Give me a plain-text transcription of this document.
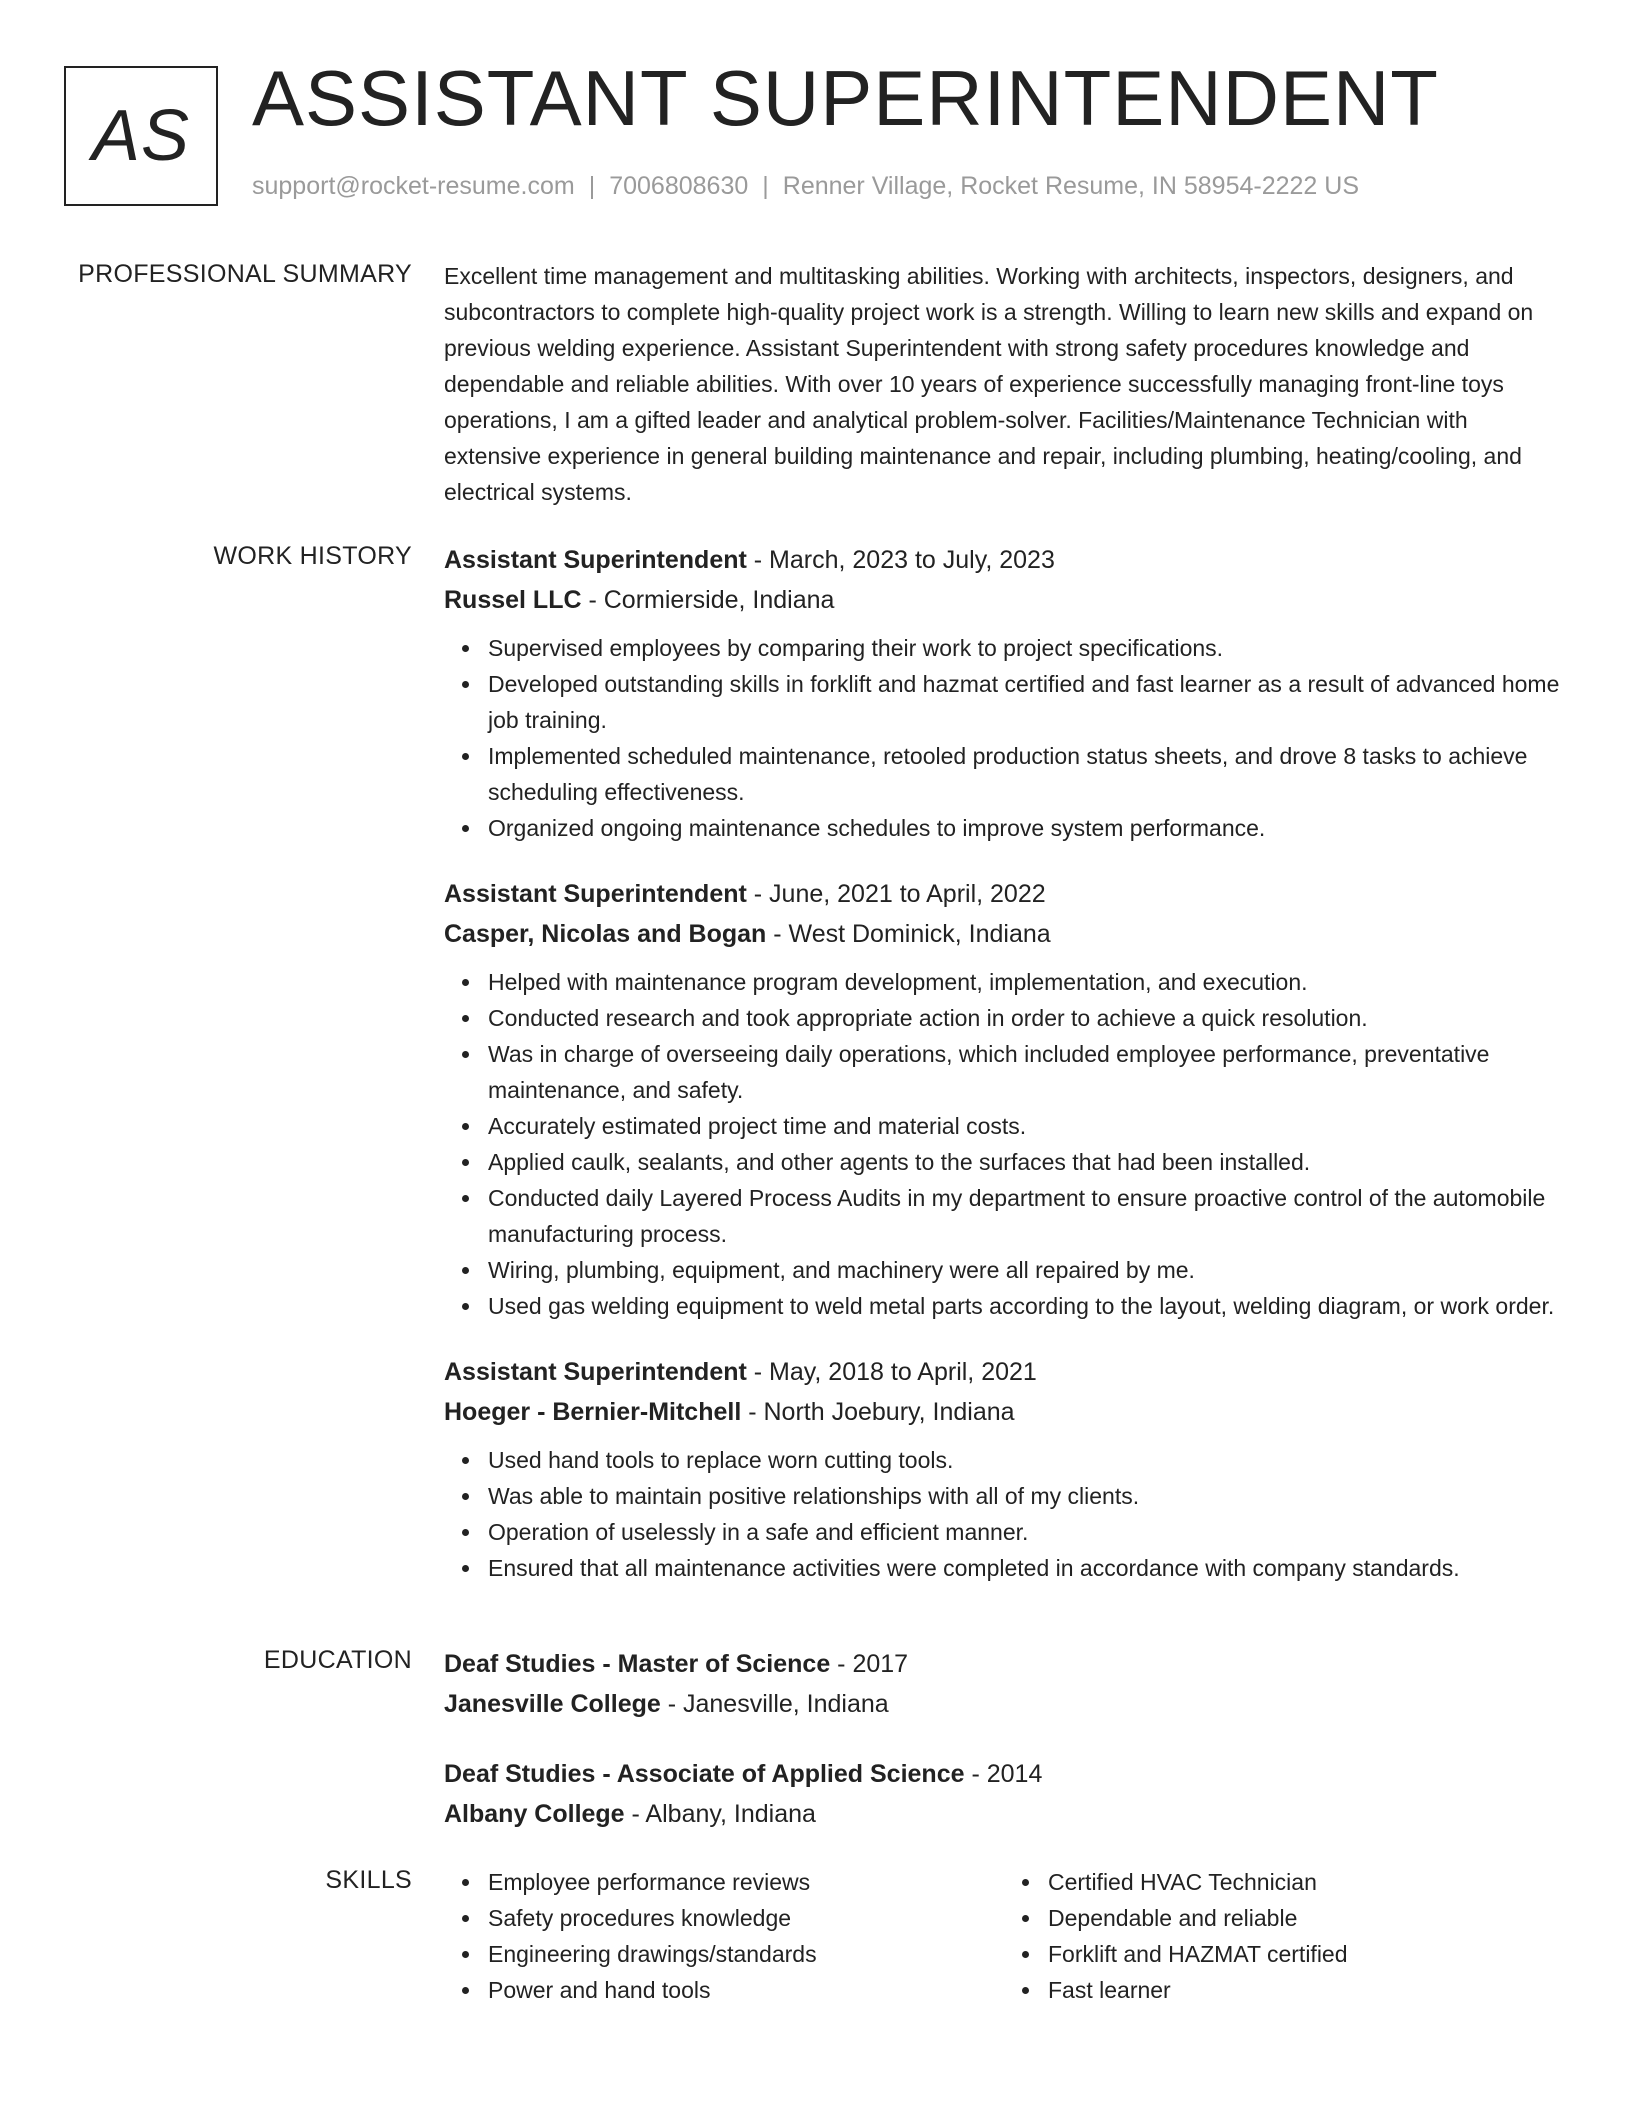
AS ASSISTANT SUPERINTENDENT
support@rocket-resume.com | 7006808630 | Renner Village, Rocket Resume, IN 58954-2222 US
PROFESSIONAL SUMMARY Excellent time management and multitasking abilities. Working with architects, inspectors, designers, and subcontractors to complete high-quality project work is a strength. Willing to learn new skills and expand on previous welding experience. Assistant Superintendent with strong safety procedures knowledge and dependable and reliable abilities. With over 10 years of experience successfully managing front-line toys operations, I am a gifted leader and analytical problem-solver. Facilities/Maintenance Technician with extensive experience in general building maintenance and repair, including plumbing, heating/cooling, and electrical systems.

WORK HISTORY Assistant Superintendent - March, 2023 to July, 2023
Russel LLC - Cormierside, Indiana
Supervised employees by comparing their work to project specifications.
Developed outstanding skills in forklift and hazmat certified and fast learner as a result of advanced home job training.
Implemented scheduled maintenance, retooled production status sheets, and drove 8 tasks to achieve scheduling effectiveness.
Organized ongoing maintenance schedules to improve system performance.
Assistant Superintendent - June, 2021 to April, 2022
Casper, Nicolas and Bogan - West Dominick, Indiana
Helped with maintenance program development, implementation, and execution.
Conducted research and took appropriate action in order to achieve a quick resolution.
Was in charge of overseeing daily operations, which included employee performance, preventative maintenance, and safety.
Accurately estimated project time and material costs.
Applied caulk, sealants, and other agents to the surfaces that had been installed.
Conducted daily Layered Process Audits in my department to ensure proactive control of the automobile manufacturing process.
Wiring, plumbing, equipment, and machinery were all repaired by me.
Used gas welding equipment to weld metal parts according to the layout, welding diagram, or work order.
Assistant Superintendent - May, 2018 to April, 2021
Hoeger - Bernier-Mitchell - North Joebury, Indiana
Used hand tools to replace worn cutting tools.
Was able to maintain positive relationships with all of my clients.
Operation of uselessly in a safe and efficient manner.
Ensured that all maintenance activities were completed in accordance with company standards.
EDUCATION Deaf Studies - Master of Science - 2017
Janesville College - Janesville, Indiana
Deaf Studies - Associate of Applied Science - 2014
Albany College - Albany, Indiana
SKILLS	Employee performance reviews
Safety procedures knowledge
Engineering drawings/standards
Power and hand tools
Certified HVAC Technician
Dependable and reliable
Forklift and HAZMAT certified
Fast learner
